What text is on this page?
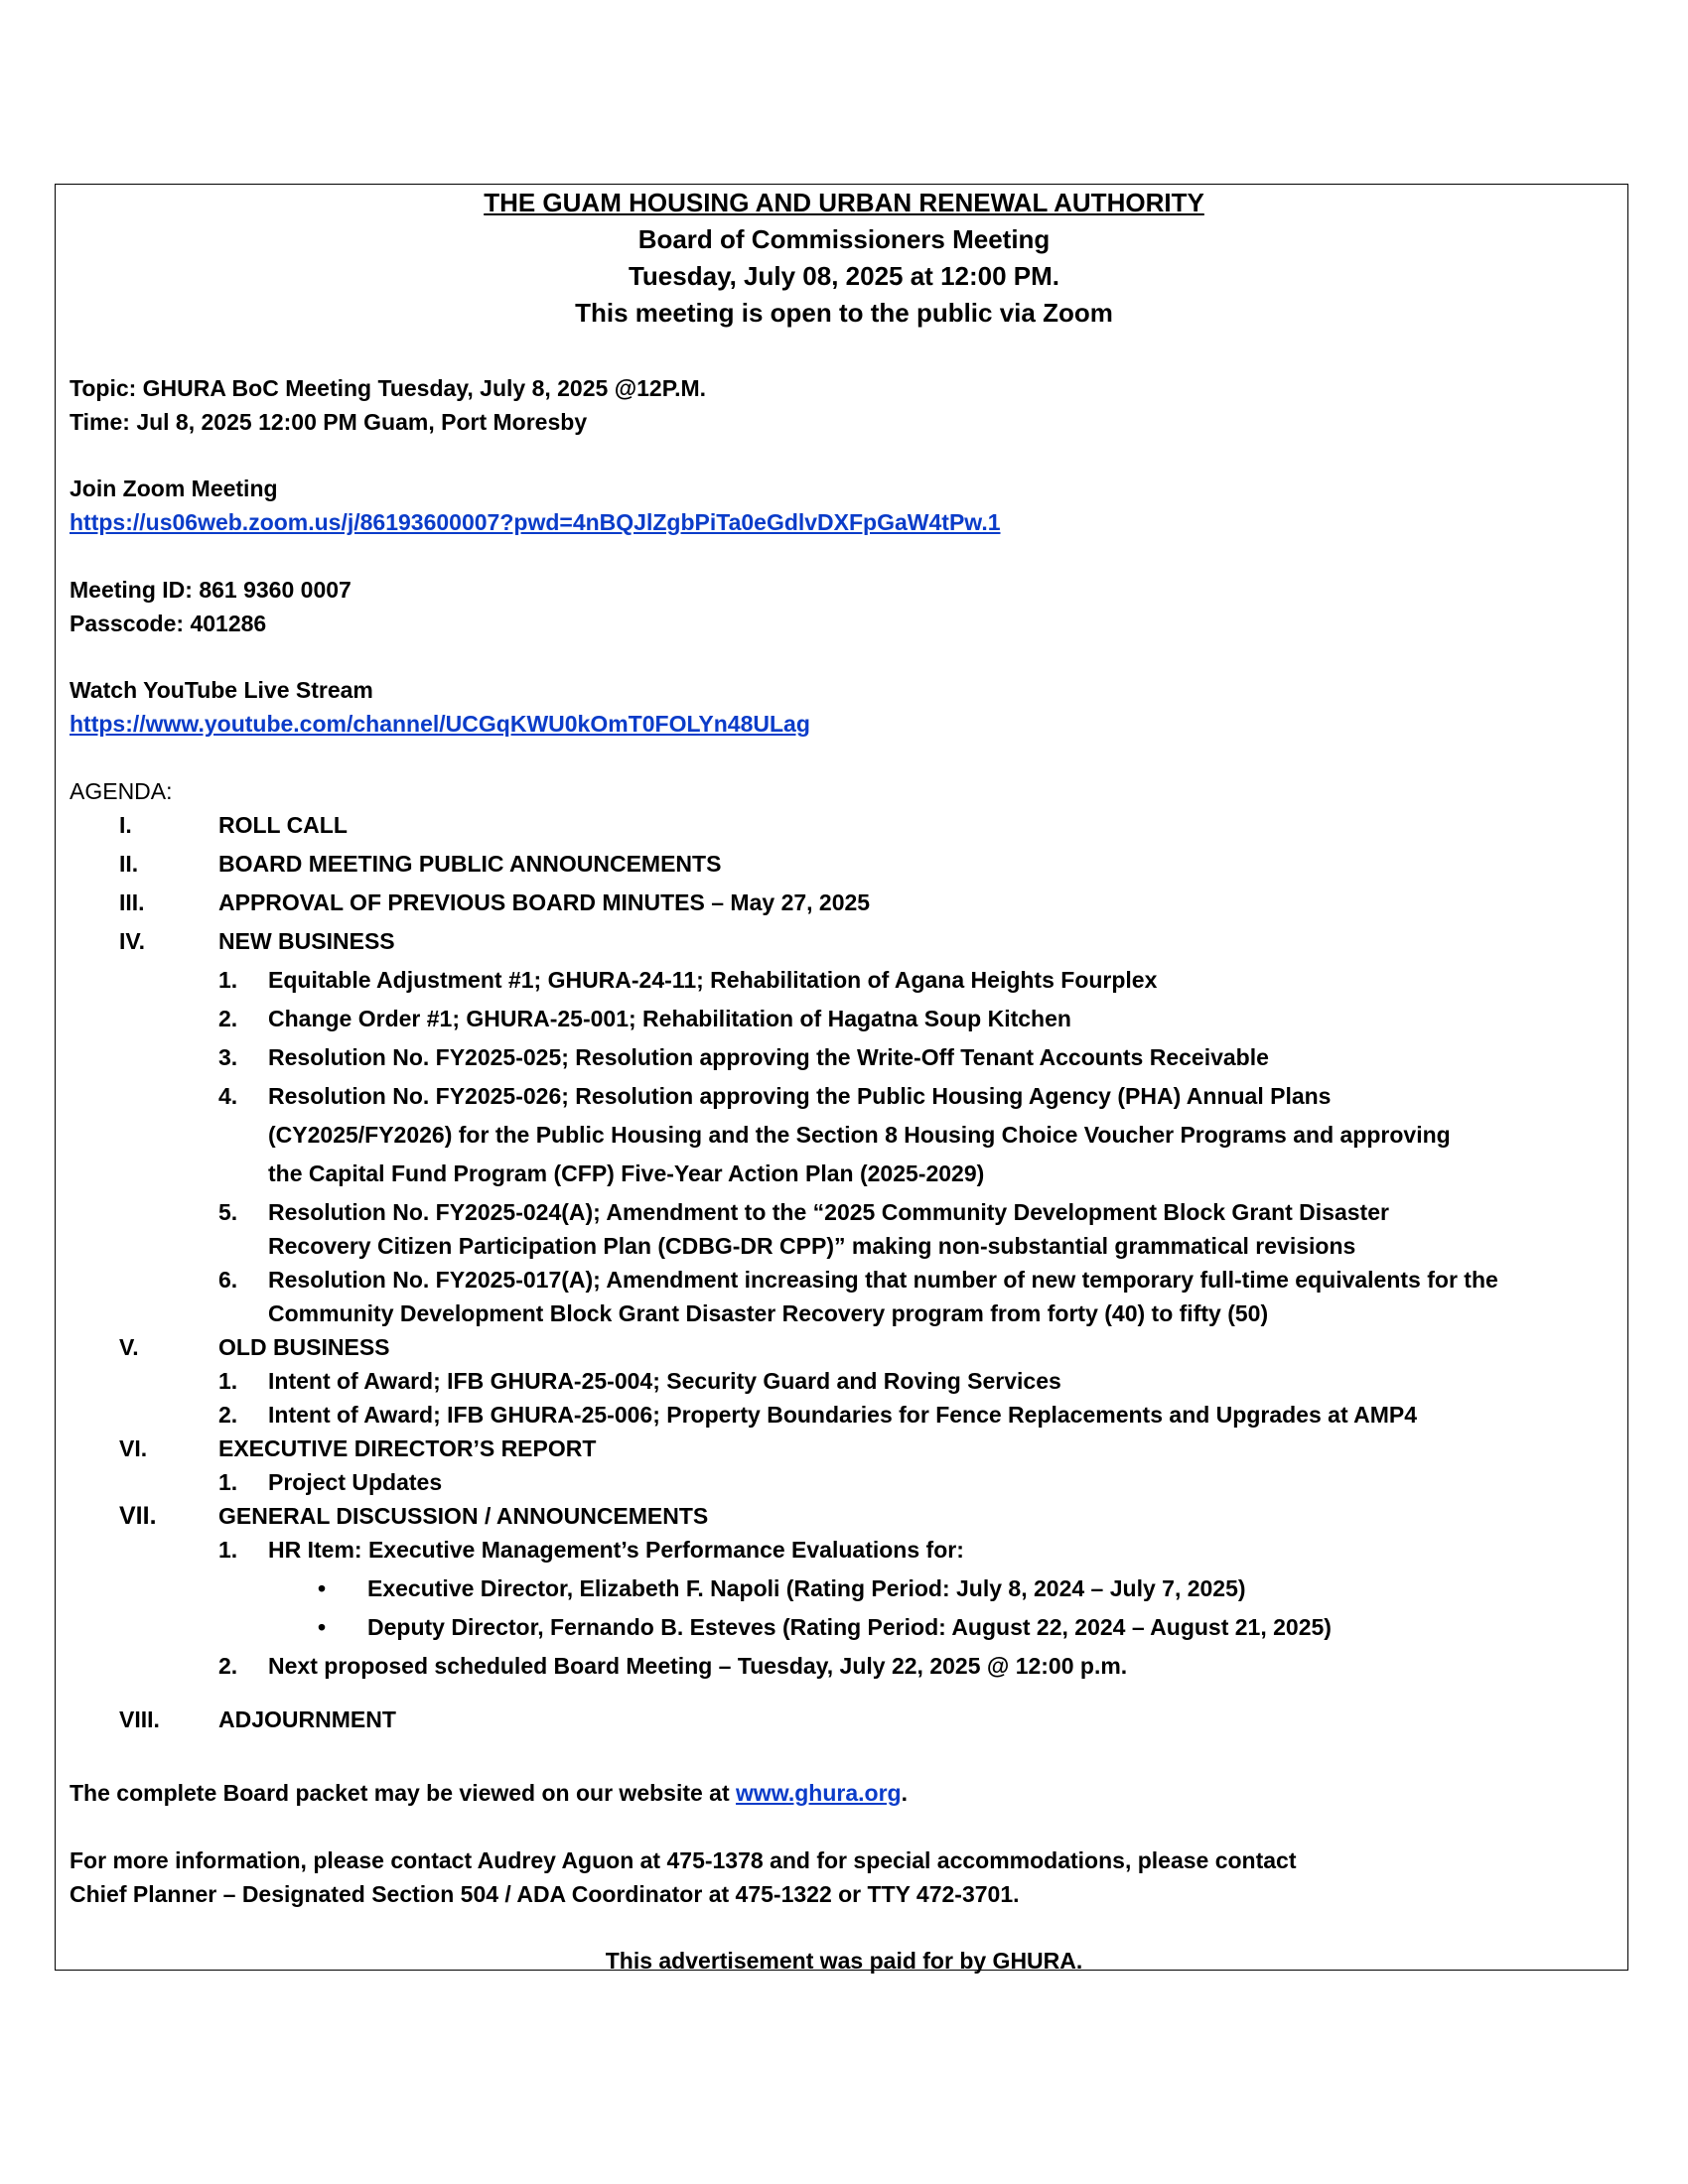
THE GUAM HOUSING AND URBAN RENEWAL AUTHORITY
Board of Commissioners Meeting
Tuesday, July 08, 2025 at 12:00 PM.
This meeting is open to the public via Zoom
Topic: GHURA BoC Meeting Tuesday, July 8, 2025 @12P.M.
Time: Jul 8, 2025 12:00 PM Guam, Port Moresby
Join Zoom Meeting
https://us06web.zoom.us/j/86193600007?pwd=4nBQJlZgbPiTa0eGdlvDXFpGaW4tPw.1
Meeting ID: 861 9360 0007
Passcode: 401286
Watch YouTube Live Stream
https://www.youtube.com/channel/UCGqKWU0kOmT0FOLYn48ULag
AGENDA:
I.	ROLL CALL
II.	BOARD MEETING PUBLIC ANNOUNCEMENTS
III.	APPROVAL OF PREVIOUS BOARD MINUTES – May 27, 2025
IV.	NEW BUSINESS
1. Equitable Adjustment #1; GHURA-24-11; Rehabilitation of Agana Heights Fourplex
2. Change Order #1; GHURA-25-001; Rehabilitation of Hagatna Soup Kitchen
3. Resolution No. FY2025-025; Resolution approving the Write-Off Tenant Accounts Receivable
4. Resolution No. FY2025-026; Resolution approving the Public Housing Agency (PHA) Annual Plans
(CY2025/FY2026) for the Public Housing and the Section 8 Housing Choice Voucher Programs and approving
the Capital Fund Program (CFP) Five-Year Action Plan (2025-2029)
5. Resolution No. FY2025-024(A); Amendment to the “2025 Community Development Block Grant Disaster
Recovery Citizen Participation Plan (CDBG-DR CPP)” making non-substantial grammatical revisions
6. Resolution No. FY2025-017(A); Amendment increasing that number of new temporary full-time equivalents for the
Community Development Block Grant Disaster Recovery program from forty (40) to fifty (50)
V.	OLD BUSINESS
1. Intent of Award; IFB GHURA-25-004; Security Guard and Roving Services
2. Intent of Award; IFB GHURA-25-006; Property Boundaries for Fence Replacements and Upgrades at AMP4
VI.	EXECUTIVE DIRECTOR’S REPORT
1. Project Updates
VII.	GENERAL DISCUSSION / ANNOUNCEMENTS
1. HR Item: Executive Management’s Performance Evaluations for:
• Executive Director, Elizabeth F. Napoli (Rating Period: July 8, 2024 – July 7, 2025)
• Deputy Director, Fernando B. Esteves (Rating Period: August 22, 2024 – August 21, 2025)
2. Next proposed scheduled Board Meeting – Tuesday, July 22, 2025 @ 12:00 p.m.
VIII.	ADJOURNMENT
The complete Board packet may be viewed on our website at www.ghura.org.
For more information, please contact Audrey Aguon at 475-1378 and for special accommodations, please contact
Chief Planner – Designated Section 504 / ADA Coordinator at 475-1322 or TTY 472-3701.
This advertisement was paid for by GHURA.
